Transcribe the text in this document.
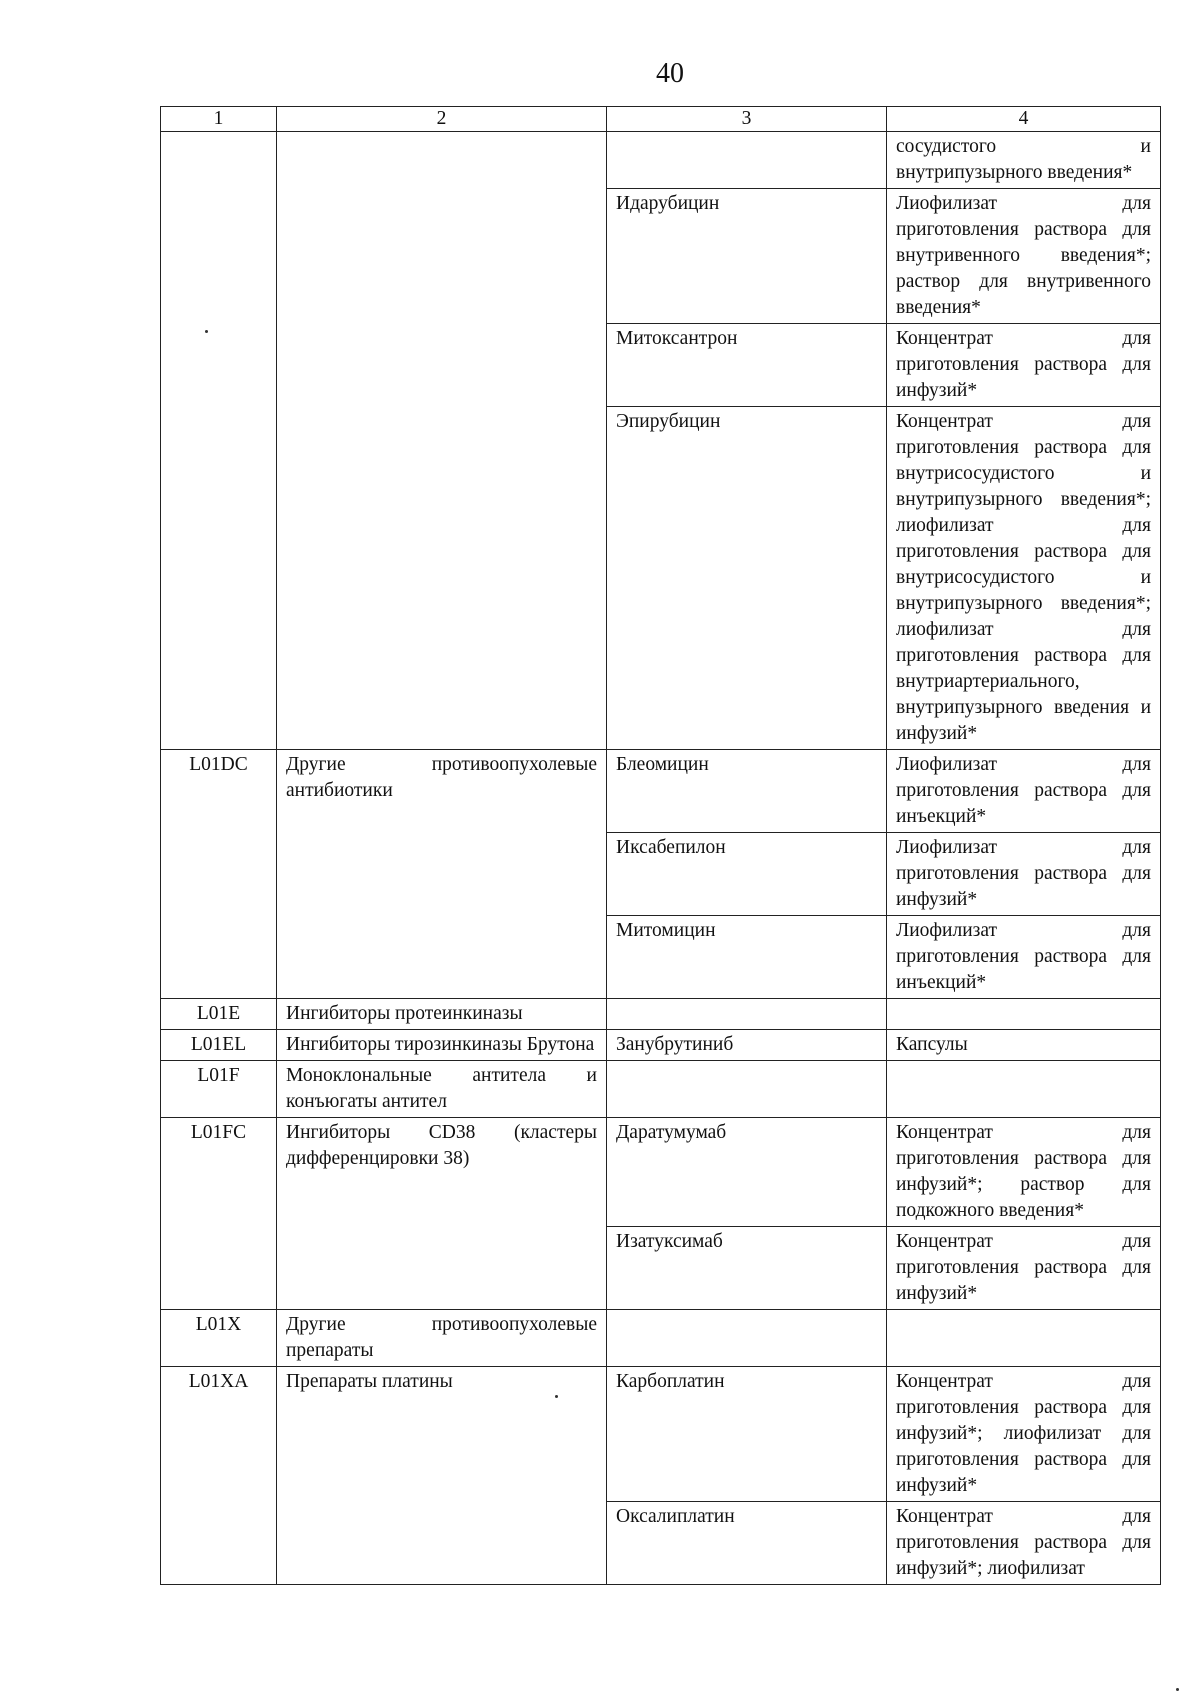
40
1	2	3	4
			сосудистого и внутрипузырного введения*
		Идарубицин	Лиофилизат для приготовления раствора для внутривенного введения*; раствор для внутривенного введения*
		Митоксантрон	Концентрат для приготовления раствора для инфузий*
		Эпирубицин	Концентрат для приготовления раствора для внутрисосудистого и внутрипузырного введения*; лиофилизат для приготовления раствора для внутрисосудистого и внутрипузырного введения*; лиофилизат для приготовления раствора для внутриартериального, внутрипузырного введения и инфузий*
L01DC	Другие противоопухолевые антибиотики	Блеомицин	Лиофилизат для приготовления раствора для инъекций*
		Иксабепилон	Лиофилизат для приготовления раствора для инфузий*
		Митомицин	Лиофилизат для приготовления раствора для инъекций*
L01E	Ингибиторы протеинкиназы		
L01EL	Ингибиторы тирозинкиназы Брутона	Занубрутиниб	Капсулы
L01F	Моноклональные антитела и конъюгаты антител		
L01FC	Ингибиторы CD38 (кластеры дифференцировки 38)	Даратумумаб	Концентрат для приготовления раствора для инфузий*; раствор для подкожного введения*
		Изатуксимаб	Концентрат для приготовления раствора для инфузий*
L01X	Другие противоопухолевые препараты		
L01XA	Препараты платины	Карбоплатин	Концентрат для приготовления раствора для инфузий*; лиофилизат для приготовления раствора для инфузий*
		Оксалиплатин	Концентрат для приготовления раствора для инфузий*; лиофилизат
